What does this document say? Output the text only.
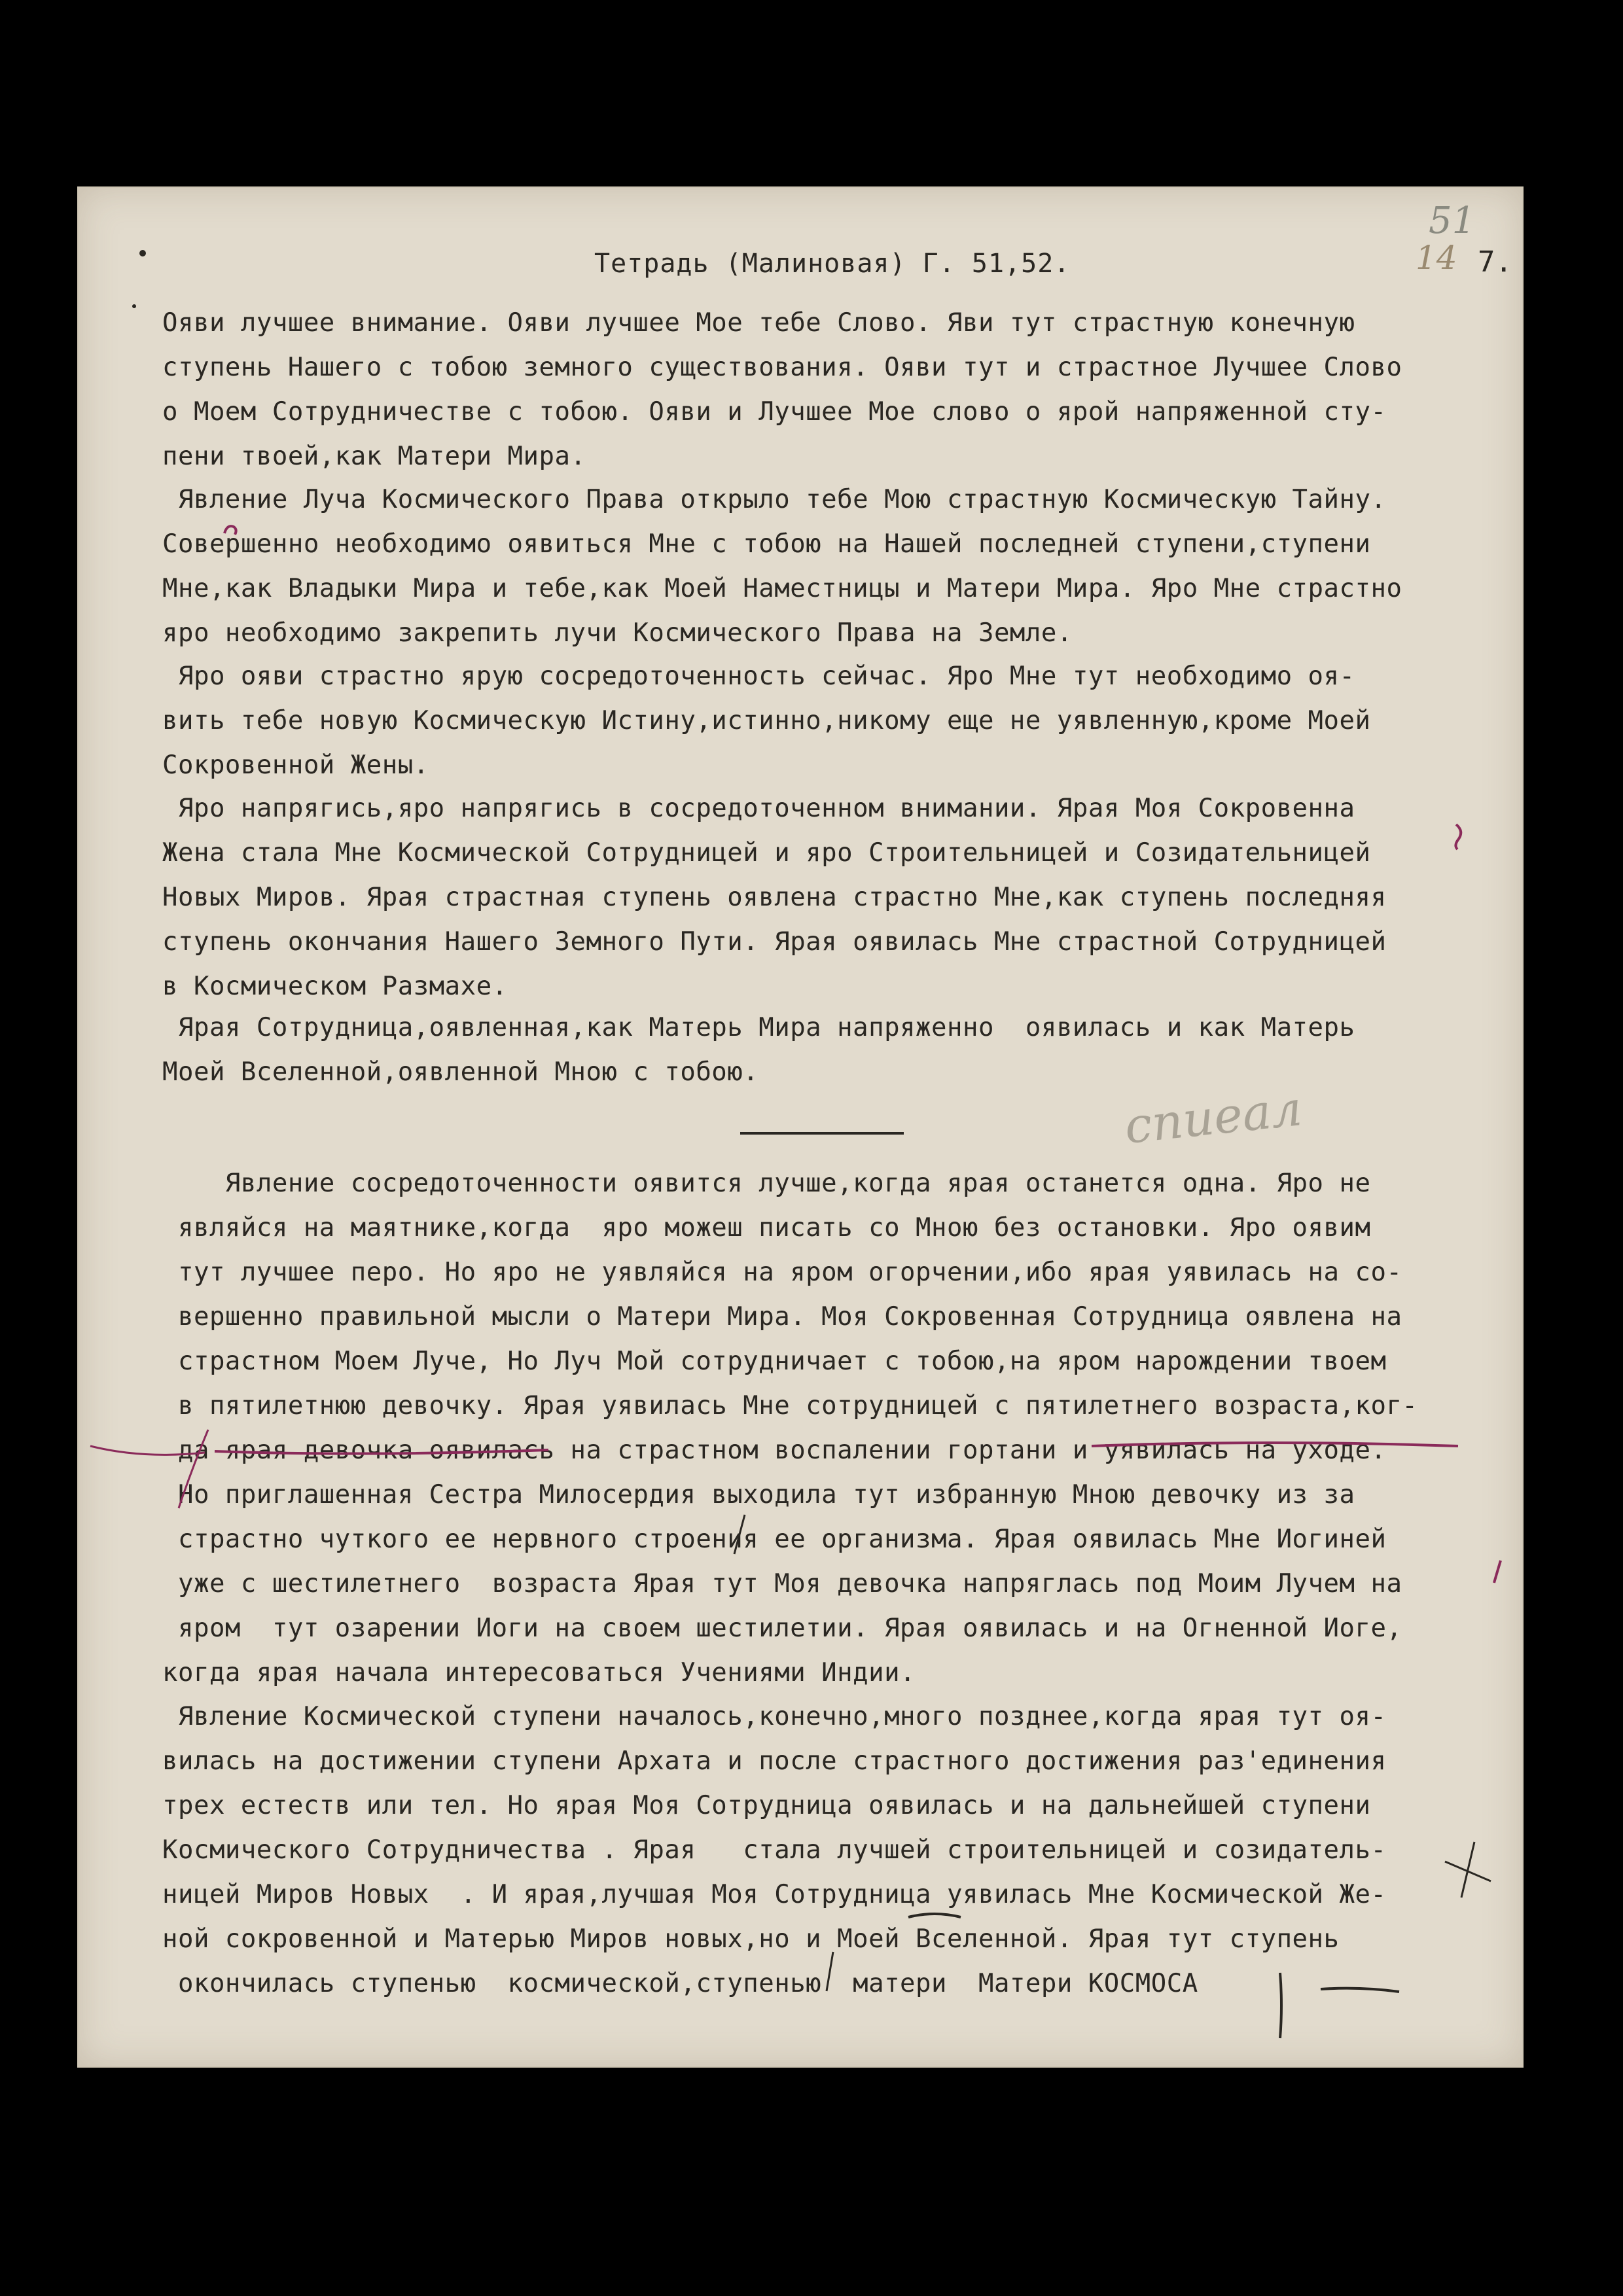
51
14 7.
Тетрадь (Малиновая) Г. 51,52.
Ояви лучшее внимание. Ояви лучшее Мое тебе Слово. Яви тут страстную конечную
ступень Нашего с тобою земного существования. Ояви тут и страстное Лучшее Слово
о Моем Сотрудничестве с тобою. Ояви и Лучшее Мое слово о ярой напряженной сту-
пени твоей,как Матери Мира.
Явление Луча Космического Права открыло тебе Мою страстную Космическую Тайну.
Совершенно необходимо оявиться Мне с тобою на Нашей последней ступени,ступени
Мне,как Владыки Мира и тебе,как Моей Наместницы и Матери Мира. Яро Мне страстно
яро необходимо закрепить лучи Космического Права на Земле.
Яро ояви страстно ярую сосредоточенность сейчас. Яро Мне тут необходимо оя-
вить тебе новую Космическую Истину,истинно,никому еще не уявленную,кроме Моей
Сокровенной Жены.
Яро напрягись,яро напрягись в сосредоточенном внимании. Ярая Моя Сокровенна
Жена стала Мне Космической Сотрудницей и яро Строительницей и Созидательницей
Новых Миров. Ярая страстная ступень оявлена страстно Мне,как ступень последняя
ступень окончания Нашего Земного Пути. Ярая оявилась Мне страстной Сотрудницей
в Космическом Размахе.
Ярая Сотрудница,оявленная,как Матерь Мира напряженно  оявилась и как Матерь
Моей Вселенной,оявленной Мною с тобою.
спиеал
Явление сосредоточенности оявится лучше,когда ярая останется одна. Яро не
являйся на маятнике,когда  яро можеш писать со Мною без остановки. Яро оявим
тут лучшее перо. Но яро не уявляйся на яром огорчении,ибо ярая уявилась на со-
вершенно правильной мысли о Матери Мира. Моя Сокровенная Сотрудница оявлена на
страстном Моем Луче, Но Луч Мой сотрудничает с тобою,на яром нарождении твоем
в пятилетнюю девочку. Ярая уявилась Мне сотрудницей с пятилетнего возраста,ког-
да ярая девочка оявилась на страстном воспалении гортани и уявилась на уходе.
Но приглашенная Сестра Милосердия выходила тут избранную Мною девочку из за
страстно чуткого ее нервного строения ее организма. Ярая оявилась Мне Иогиней
уже с шестилетнего  возраста Ярая тут Моя девочка напряглась под Моим Лучем на
яром  тут озарении Иоги на своем шестилетии. Ярая оявилась и на Огненной Иоге,
когда ярая начала интересоваться Учениями Индии.
Явление Космической ступени началось,конечно,много позднее,когда ярая тут оя-
вилась на достижении ступени Архата и после страстного достижения раз'единения
трех естеств или тел. Но ярая Моя Сотрудница оявилась и на дальнейшей ступени
Космического Сотрудничества . Ярая   стала лучшей строительницей и созидатель-
ницей Миров Новых  . И ярая,лучшая Моя Сотрудница уявилась Мне Космической Же-
ной сокровенной и Матерью Миров новых,но и Моей Вселенной. Ярая тут ступень
окончилась ступенью  космической,ступенью  матери  Матери КОСМОСА
